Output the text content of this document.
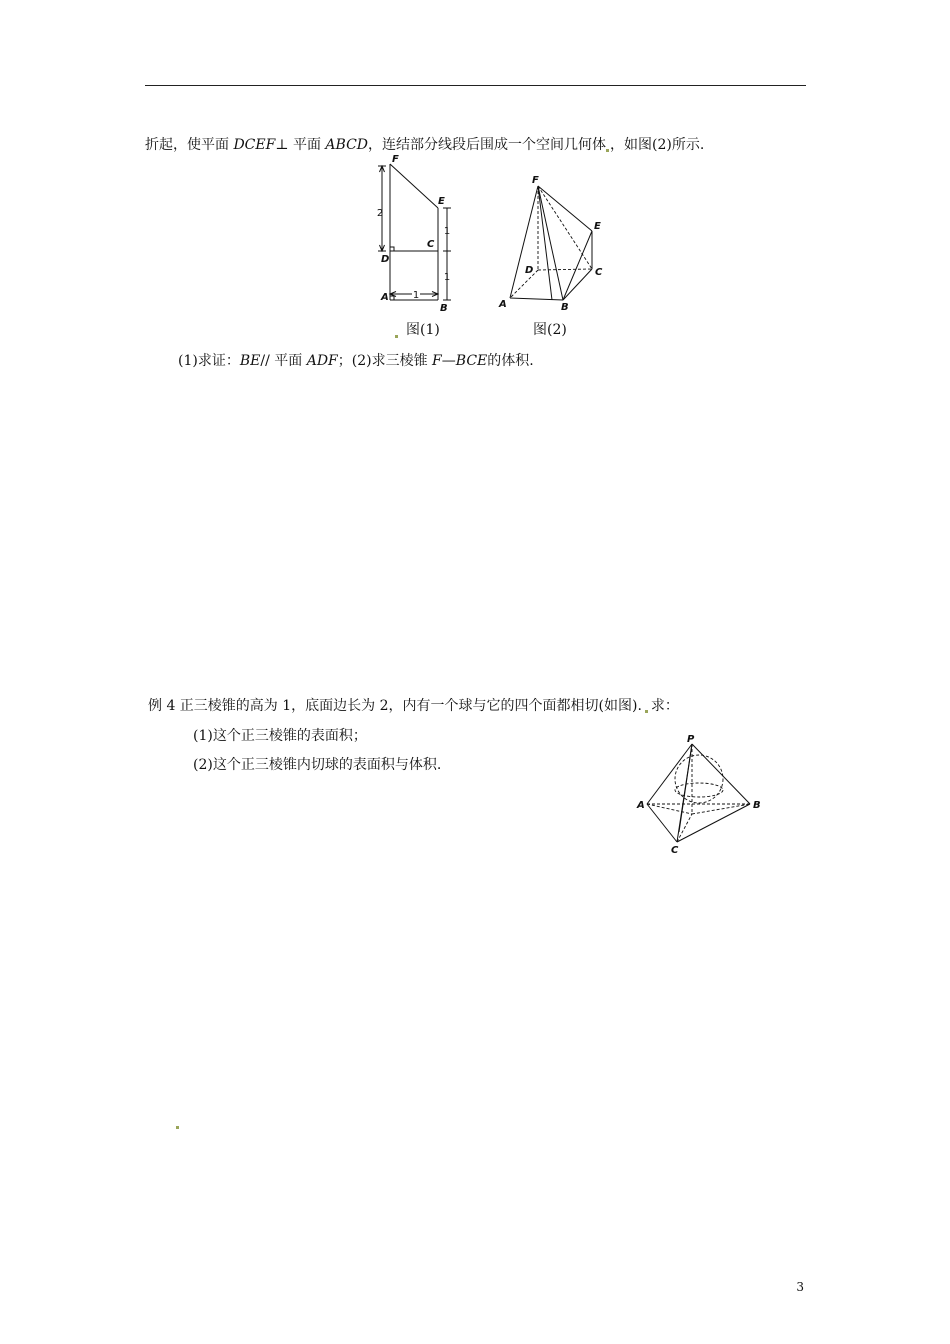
折起，使平面 DCEF⊥ 平面 ABCD，连结部分线段后围成一个空间几何体 ，如图(2)所示.
F
E
C
D
A
B
2
1
1
1
F
E
D	C
A	B
图(1)	图(2)
(1)求证：BE// 平面 ADF；(2)求三棱锥 F—BCE的体积.
例 4 正三棱锥的高为 1，底面边长为 2，内有一个球与它的四个面都相切(如图). 求：
(1)这个正三棱锥的表面积；
(2)这个正三棱锥内切球的表面积与体积.
P
A	B
C
3
